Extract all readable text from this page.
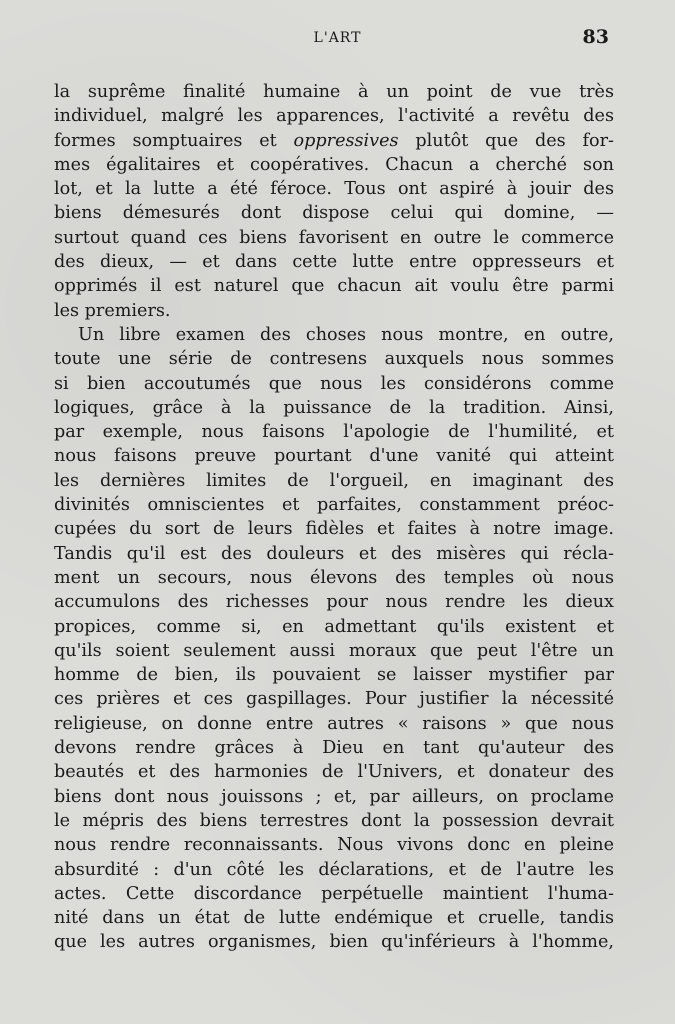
L'ART	83
la suprême finalité humaine à un point de vue très
individuel, malgré les apparences, l'activité a revêtu des
formes somptuaires et oppressives plutôt que des for-
mes égalitaires et coopératives. Chacun a cherché son
lot, et la lutte a été féroce. Tous ont aspiré à jouir des
biens démesurés dont dispose celui qui domine, —
surtout quand ces biens favorisent en outre le commerce
des dieux, — et dans cette lutte entre oppresseurs et
opprimés il est naturel que chacun ait voulu être parmi
les premiers.
Un libre examen des choses nous montre, en outre,
toute une série de contresens auxquels nous sommes
si bien accoutumés que nous les considérons comme
logiques, grâce à la puissance de la tradition. Ainsi,
par exemple, nous faisons l'apologie de l'humilité, et
nous faisons preuve pourtant d'une vanité qui atteint
les dernières limites de l'orgueil, en imaginant des
divinités omniscientes et parfaites, constamment préoc-
cupées du sort de leurs fidèles et faites à notre image.
Tandis qu'il est des douleurs et des misères qui récla-
ment un secours, nous élevons des temples où nous
accumulons des richesses pour nous rendre les dieux
propices, comme si, en admettant qu'ils existent et
qu'ils soient seulement aussi moraux que peut l'être un
homme de bien, ils pouvaient se laisser mystifier par
ces prières et ces gaspillages. Pour justifier la nécessité
religieuse, on donne entre autres « raisons » que nous
devons rendre grâces à Dieu en tant qu'auteur des
beautés et des harmonies de l'Univers, et donateur des
biens dont nous jouissons ; et, par ailleurs, on proclame
le mépris des biens terrestres dont la possession devrait
nous rendre reconnaissants. Nous vivons donc en pleine
absurdité : d'un côté les déclarations, et de l'autre les
actes. Cette discordance perpétuelle maintient l'huma-
nité dans un état de lutte endémique et cruelle, tandis
que les autres organismes, bien qu'inférieurs à l'homme,
